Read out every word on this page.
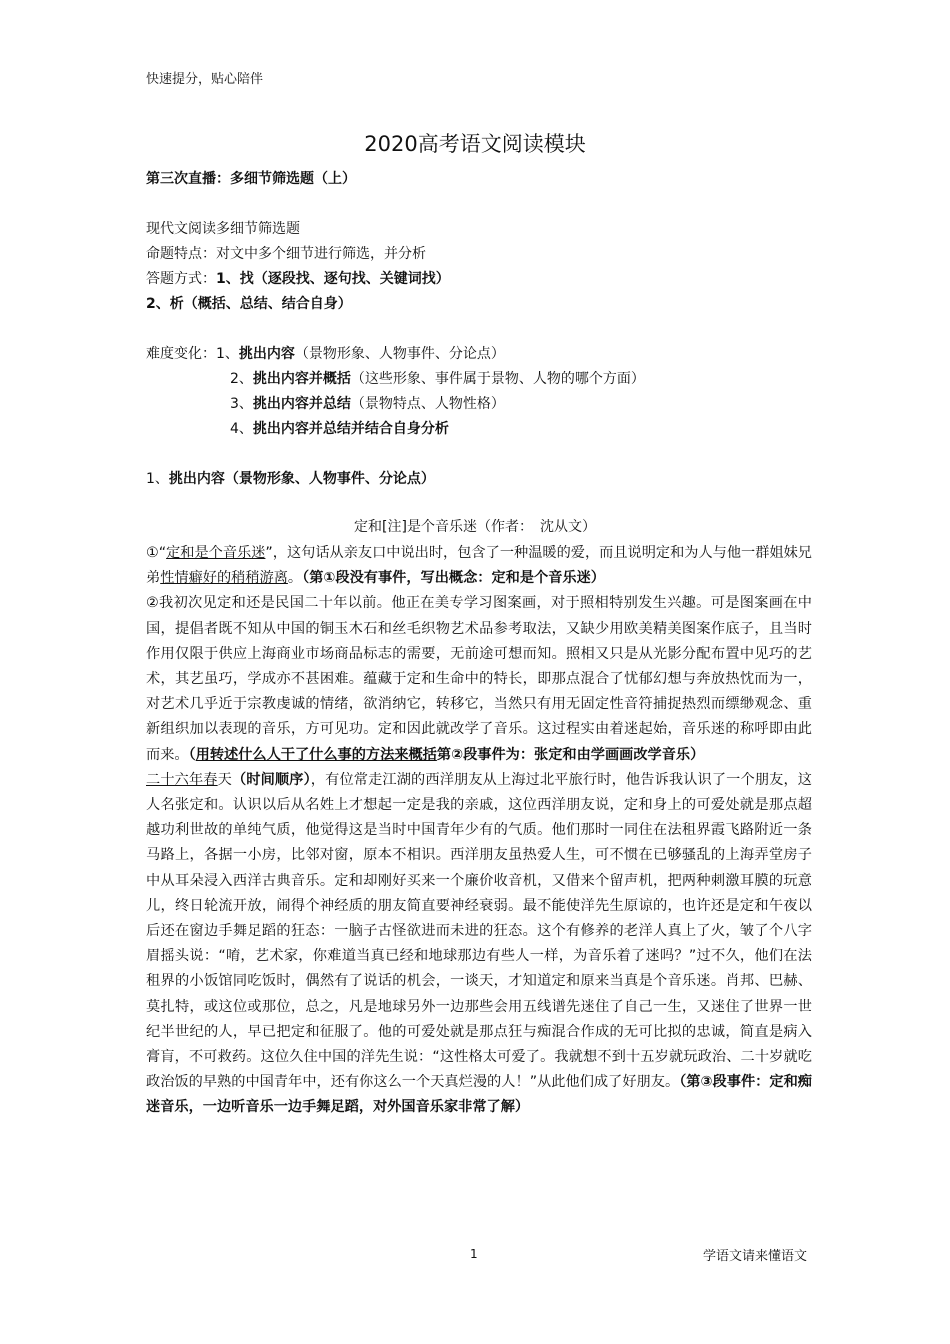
快速提分，贴心陪伴
2020高考语文阅读模块
第三次直播：多细节筛选题（上）
现代文阅读多细节筛选题
命题特点：对文中多个细节进行筛选，并分析
答题方式：1、找（逐段找、逐句找、关键词找）
2、析（概括、总结、结合自身）
难度变化：1、挑出内容（景物形象、人物事件、分论点）
2、挑出内容并概括（这些形象、事件属于景物、人物的哪个方面）
3、挑出内容并总结（景物特点、人物性格）
4、挑出内容并总结并结合自身分析
1、挑出内容（景物形象、人物事件、分论点）
定和[注]是个音乐迷（作者：　沈从文）

①“定和是个音乐迷”，这句话从亲友口中说出时，包含了一种温暖的爱，而且说明定和为人与他一群姐妹兄弟性情癖好的稍稍游离。（第①段没有事件，写出概念：定和是个音乐迷）

②我初次见定和还是民国二十年以前。他正在美专学习图案画，对于照相特别发生兴趣。可是图案画在中国，提倡者既不知从中国的铜玉木石和丝毛织物艺术品参考取法，又缺少用欧美精美图案作底子，且当时作用仅限于供应上海商业市场商品标志的需要，无前途可想而知。照相又只是从光影分配布置中见巧的艺术，其艺虽巧，学成亦不甚困难。蕴藏于定和生命中的特长，即那点混合了忧郁幻想与奔放热忱而为一，对艺术几乎近于宗教虔诚的情绪，欲消纳它，转移它，当然只有用无固定性音符捕捉热烈而缥缈观念、重新组织加以表现的音乐，方可见功。定和因此就改学了音乐。这过程实由着迷起始，音乐迷的称呼即由此而来。（用转述什么人干了什么事的方法来概括第②段事件为：张定和由学画画改学音乐）

二十六年春天（时间顺序），有位常走江湖的西洋朋友从上海过北平旅行时，他告诉我认识了一个朋友，这人名张定和。认识以后从名姓上才想起一定是我的亲戚，这位西洋朋友说，定和身上的可爱处就是那点超越功利世故的单纯气质，他觉得这是当时中国青年少有的气质。他们那时一同住在法租界霞飞路附近一条马路上，各据一小房，比邻对窗，原本不相识。西洋朋友虽热爱人生，可不惯在已够骚乱的上海弄堂房子中从耳朵浸入西洋古典音乐。定和却刚好买来一个廉价收音机，又借来个留声机，把两种刺激耳膜的玩意儿，终日轮流开放，闹得个神经质的朋友简直要神经衰弱。最不能使洋先生原谅的，也许还是定和午夜以后还在窗边手舞足蹈的狂态：一脑子古怪欲进而未进的狂态。这个有修养的老洋人真上了火，皱了个八字眉摇头说：“唷，艺术家，你难道当真已经和地球那边有些人一样，为音乐着了迷吗？”过不久，他们在法租界的小饭馆同吃饭时，偶然有了说话的机会，一谈天，才知道定和原来当真是个音乐迷。肖邦、巴赫、莫扎特，或这位或那位，总之，凡是地球另外一边那些会用五线谱先迷住了自己一生，又迷住了世界一世纪半世纪的人，早已把定和征服了。他的可爱处就是那点狂与痴混合作成的无可比拟的忠诚，简直是病入膏肓，不可救药。这位久住中国的洋先生说：“这性格太可爱了。我就想不到十五岁就玩政治、二十岁就吃政治饭的早熟的中国青年中，还有你这么一个天真烂漫的人！”从此他们成了好朋友。（第③段事件：定和痴迷音乐，一边听音乐一边手舞足蹈，对外国音乐家非常了解）

1	学语文请来懂语文
